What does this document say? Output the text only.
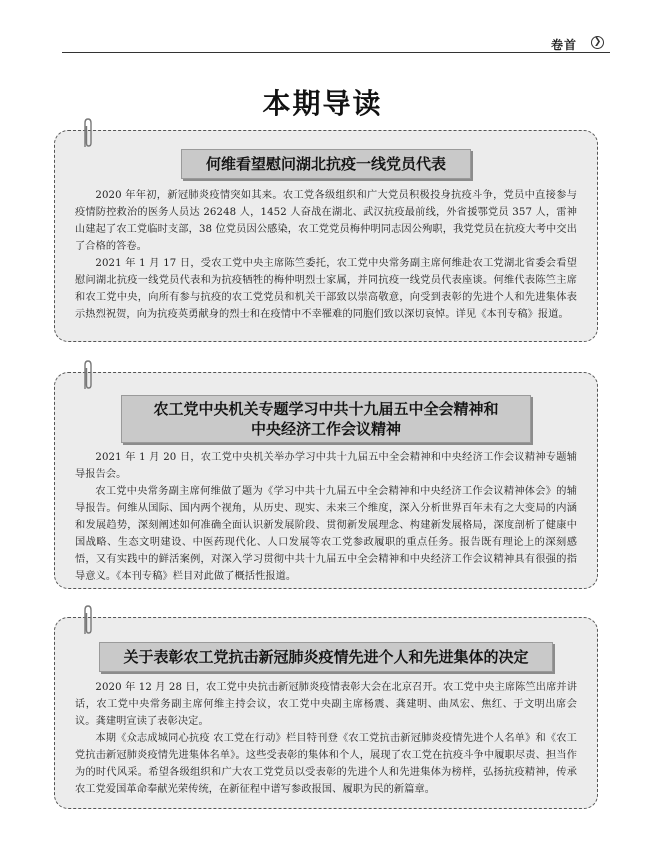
卷首	❯
本期导读
何维看望慰问湖北抗疫一线党员代表

2020 年年初，新冠肺炎疫情突如其来。农工党各级组织和广大党员积极投身抗疫斗争，党员中直接参与疫情防控救治的医务人员达 26248 人，1452 人奋战在湖北、武汉抗疫最前线，外省援鄂党员 357 人，雷神山建起了农工党临时支部，38 位党员因公感染，农工党党员梅仲明同志因公殉职，我党党员在抗疫大考中交出了合格的答卷。

2021 年 1 月 17 日，受农工党中央主席陈竺委托，农工党中央常务副主席何维赴农工党湖北省委会看望慰问湖北抗疫一线党员代表和为抗疫牺牲的梅仲明烈士家属，并同抗疫一线党员代表座谈。何维代表陈竺主席和农工党中央，向所有参与抗疫的农工党党员和机关干部致以崇高敬意，向受到表彰的先进个人和先进集体表示热烈祝贺，向为抗疫英勇献身的烈士和在疫情中不幸罹难的同胞们致以深切哀悼。详见《本刊专稿》报道。

农工党中央机关专题学习中共十九届五中全会精神和
中央经济工作会议精神

2021 年 1 月 20 日，农工党中央机关举办学习中共十九届五中全会精神和中央经济工作会议精神专题辅导报告会。

农工党中央常务副主席何维做了题为《学习中共十九届五中全会精神和中央经济工作会议精神体会》的辅导报告。何维从国际、国内两个视角，从历史、现实、未来三个维度，深入分析世界百年未有之大变局的内涵和发展趋势，深刻阐述如何准确全面认识新发展阶段、贯彻新发展理念、构建新发展格局，深度剖析了健康中国战略、生态文明建设、中医药现代化、人口发展等农工党参政履职的重点任务。报告既有理论上的深刻感悟，又有实践中的鲜活案例，对深入学习贯彻中共十九届五中全会精神和中央经济工作会议精神具有很强的指导意义。《本刊专稿》栏目对此做了概括性报道。

关于表彰农工党抗击新冠肺炎疫情先进个人和先进集体的决定

2020 年 12 月 28 日，农工党中央抗击新冠肺炎疫情表彰大会在北京召开。农工党中央主席陈竺出席并讲话，农工党中央常务副主席何维主持会议，农工党中央副主席杨震、龚建明、曲凤宏、焦红、于文明出席会议。龚建明宣读了表彰决定。

本期《众志成城同心抗疫 农工党在行动》栏目特刊登《农工党抗击新冠肺炎疫情先进个人名单》和《农工党抗击新冠肺炎疫情先进集体名单》。这些受表彰的集体和个人，展现了农工党在抗疫斗争中履职尽责、担当作为的时代风采。希望各级组织和广大农工党党员以受表彰的先进个人和先进集体为榜样，弘扬抗疫精神，传承农工党爱国革命奉献光荣传统，在新征程中谱写参政报国、履职为民的新篇章。
